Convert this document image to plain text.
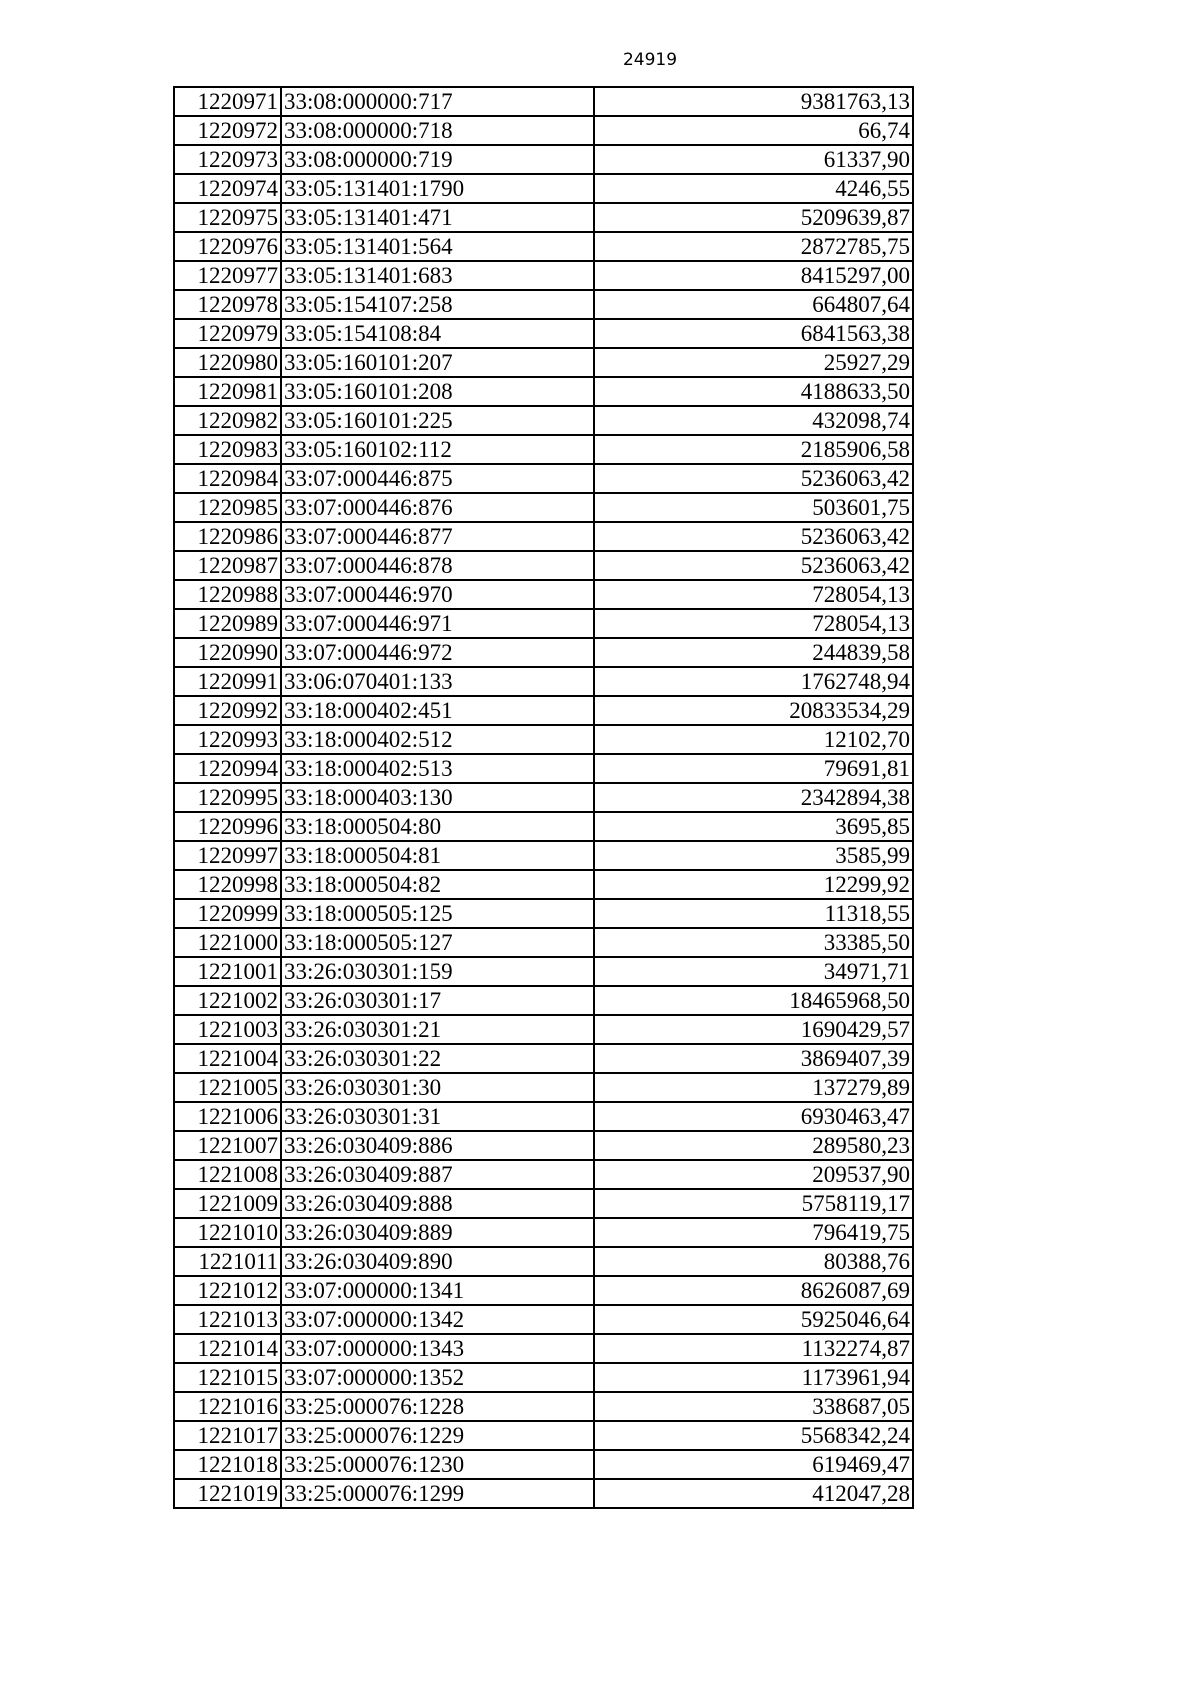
24919
1220971	33:08:000000:717	9381763,13
1220972	33:08:000000:718	66,74
1220973	33:08:000000:719	61337,90
1220974	33:05:131401:1790	4246,55
1220975	33:05:131401:471	5209639,87
1220976	33:05:131401:564	2872785,75
1220977	33:05:131401:683	8415297,00
1220978	33:05:154107:258	664807,64
1220979	33:05:154108:84	6841563,38
1220980	33:05:160101:207	25927,29
1220981	33:05:160101:208	4188633,50
1220982	33:05:160101:225	432098,74
1220983	33:05:160102:112	2185906,58
1220984	33:07:000446:875	5236063,42
1220985	33:07:000446:876	503601,75
1220986	33:07:000446:877	5236063,42
1220987	33:07:000446:878	5236063,42
1220988	33:07:000446:970	728054,13
1220989	33:07:000446:971	728054,13
1220990	33:07:000446:972	244839,58
1220991	33:06:070401:133	1762748,94
1220992	33:18:000402:451	20833534,29
1220993	33:18:000402:512	12102,70
1220994	33:18:000402:513	79691,81
1220995	33:18:000403:130	2342894,38
1220996	33:18:000504:80	3695,85
1220997	33:18:000504:81	3585,99
1220998	33:18:000504:82	12299,92
1220999	33:18:000505:125	11318,55
1221000	33:18:000505:127	33385,50
1221001	33:26:030301:159	34971,71
1221002	33:26:030301:17	18465968,50
1221003	33:26:030301:21	1690429,57
1221004	33:26:030301:22	3869407,39
1221005	33:26:030301:30	137279,89
1221006	33:26:030301:31	6930463,47
1221007	33:26:030409:886	289580,23
1221008	33:26:030409:887	209537,90
1221009	33:26:030409:888	5758119,17
1221010	33:26:030409:889	796419,75
1221011	33:26:030409:890	80388,76
1221012	33:07:000000:1341	8626087,69
1221013	33:07:000000:1342	5925046,64
1221014	33:07:000000:1343	1132274,87
1221015	33:07:000000:1352	1173961,94
1221016	33:25:000076:1228	338687,05
1221017	33:25:000076:1229	5568342,24
1221018	33:25:000076:1230	619469,47
1221019	33:25:000076:1299	412047,28
